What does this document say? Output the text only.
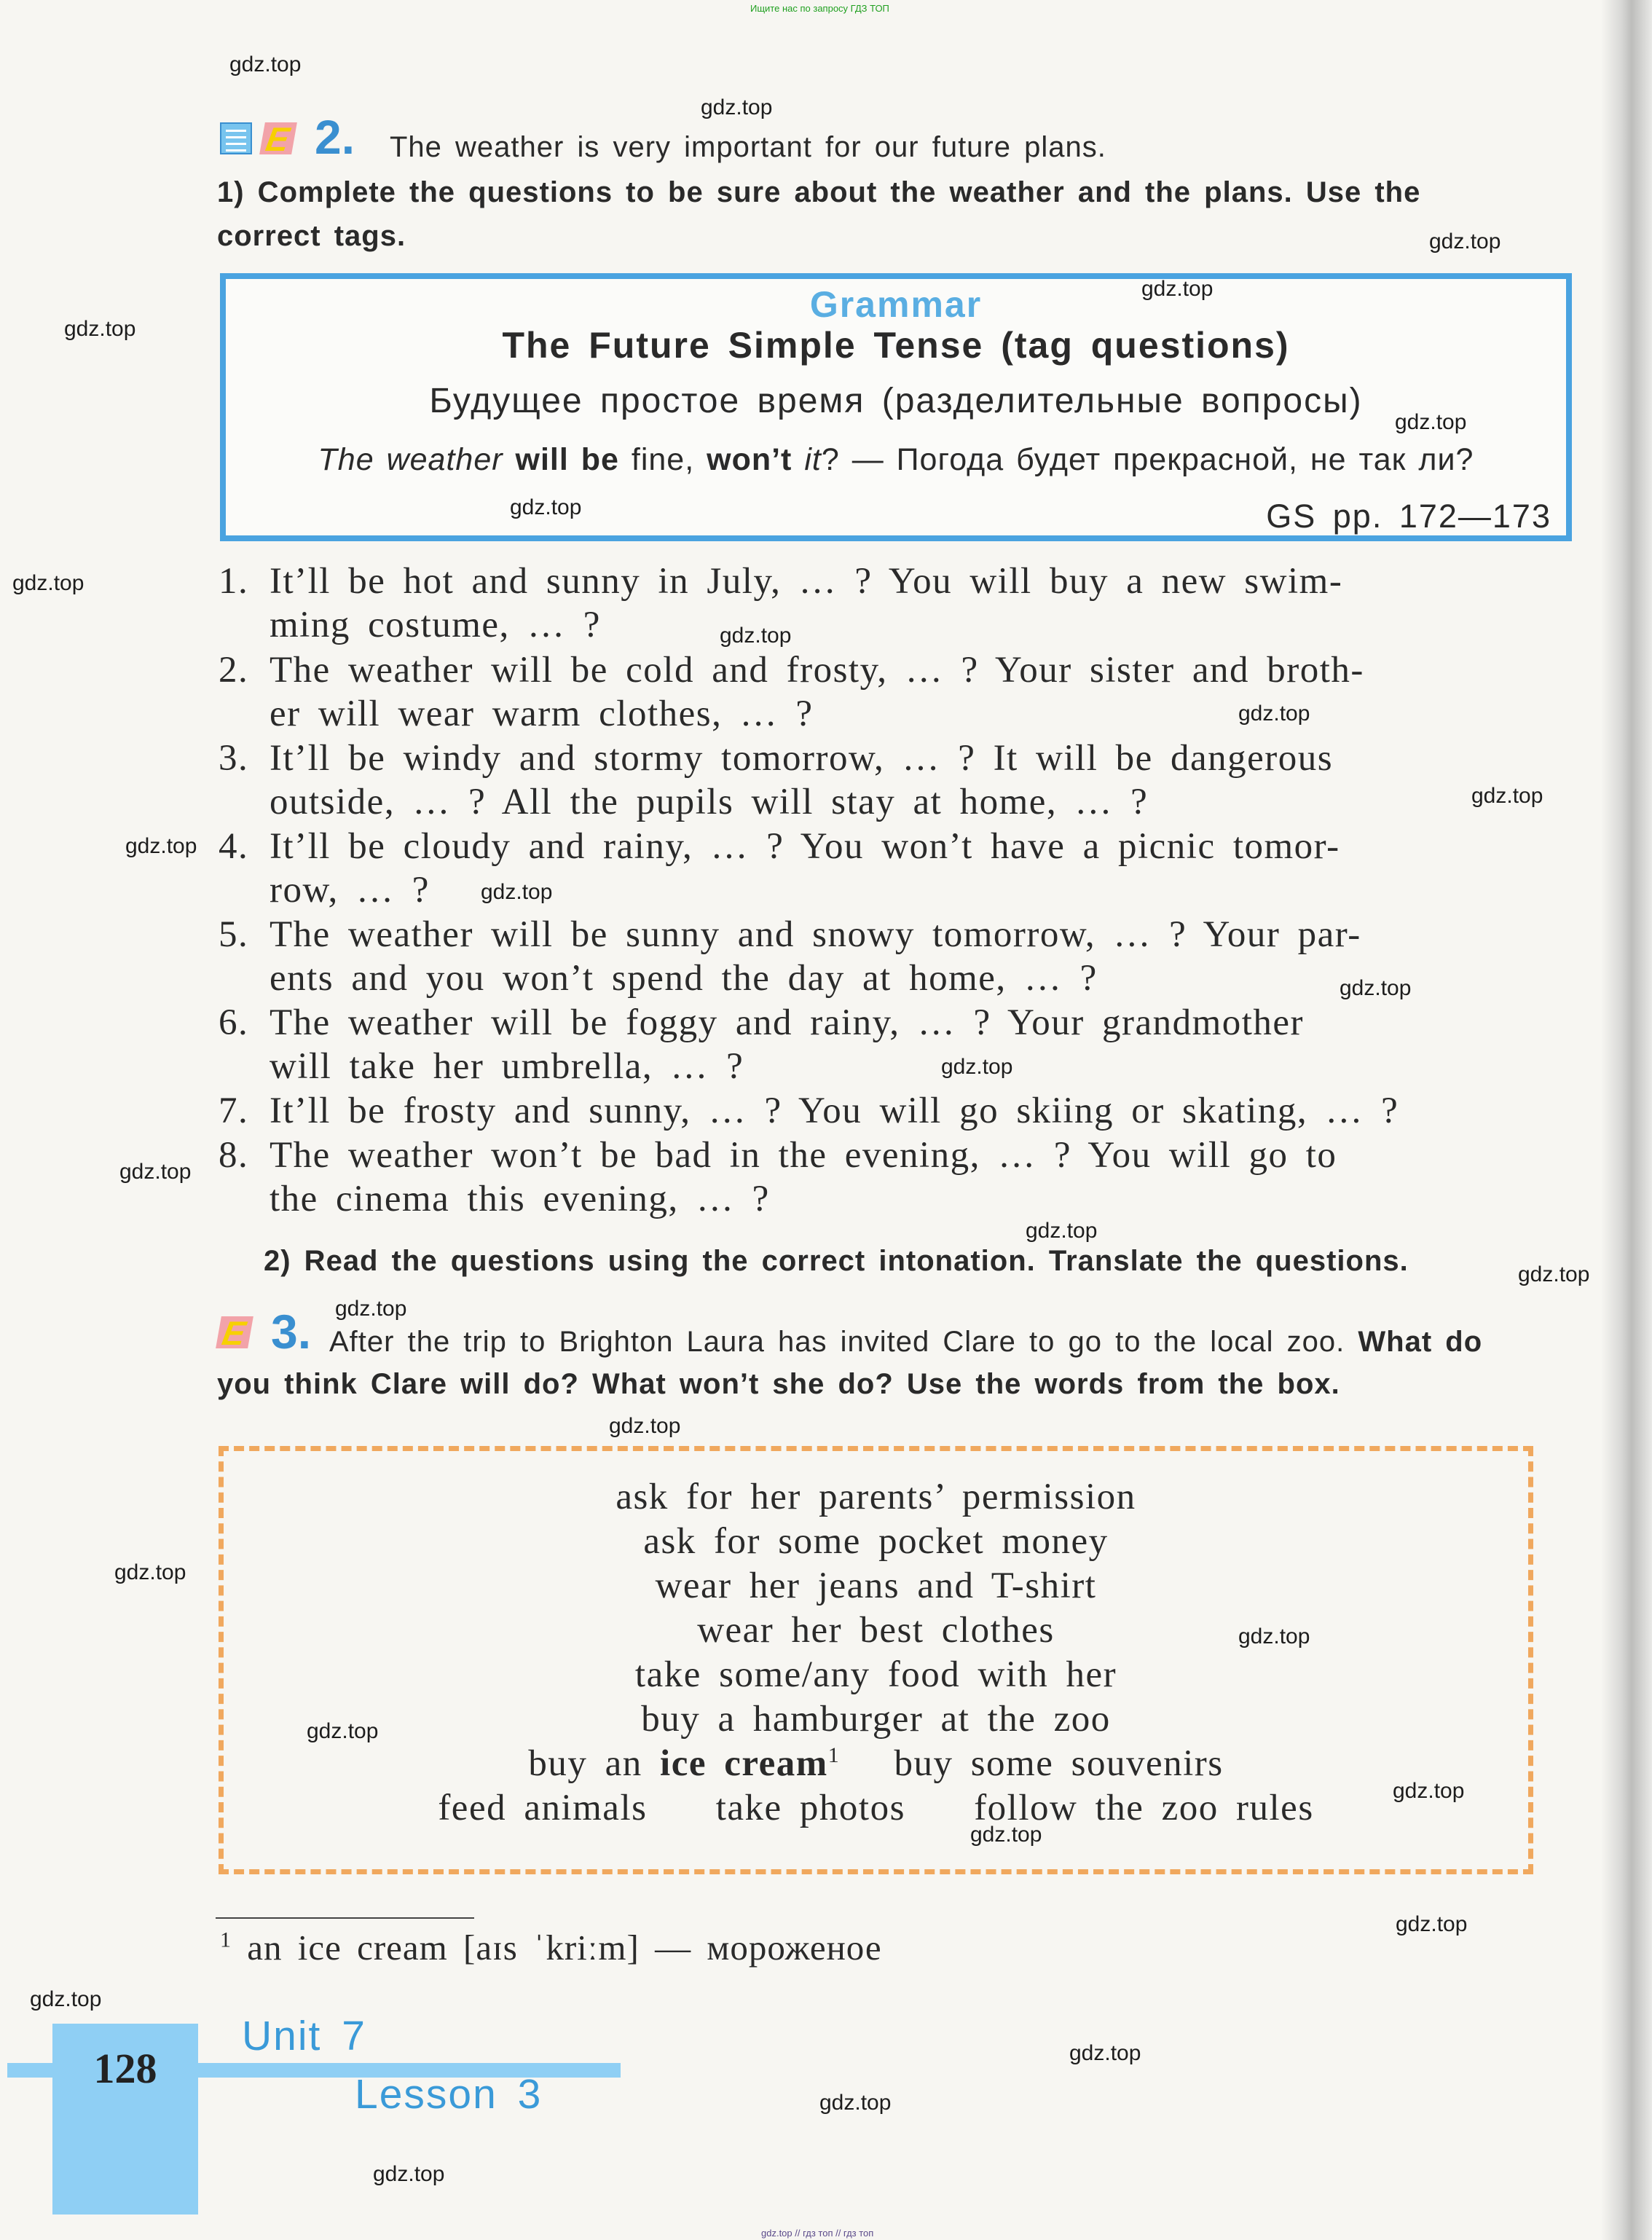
Ищите нас по запросу ГДЗ ТОП
gdz.top // гдз топ // гдз топ
E 2. The weather is very important for our future plans.
1) Complete the questions to be sure about the weather and the plans. Use the
correct tags.
Grammar
The Future Simple Tense (tag questions)
Будущее простое время (разделительные вопросы)
The weather will be fine, won’t it? — Погода будет прекрасной, не так ли?
GS pp. 172—173
1. It’ll be hot and sunny in July, … ? You will buy a new swim-
ming costume, … ?
2. The weather will be cold and frosty, … ? Your sister and broth-
er will wear warm clothes, … ?
3. It’ll be windy and stormy tomorrow, … ? It will be dangerous
outside, … ? All the pupils will stay at home, … ?
4. It’ll be cloudy and rainy, … ? You won’t have a picnic tomor-
row, … ?
5. The weather will be sunny and snowy tomorrow, … ? Your par-
ents and you won’t spend the day at home, … ?
6. The weather will be foggy and rainy, … ? Your grandmother
will take her umbrella, … ?
7. It’ll be frosty and sunny, … ? You will go skiing or skating, … ?
8. The weather won’t be bad in the evening, … ? You will go to
the cinema this evening, … ?
2) Read the questions using the correct intonation. Translate the questions.
E 3. After the trip to Brighton Laura has invited Clare to go to the local zoo. What do
you think Clare will do? What won’t she do? Use the words from the box.
ask for her parents’ permission
ask for some pocket money
wear her jeans and T-shirt
wear her best clothes
take some/any food with her
buy a hamburger at the zoo
buy an ice cream$^1$ buy some souvenirs
feed animals take photos follow the zoo rules
$^1$ an ice cream [aɪs ˈkriːm] — мороженое
128
Unit 7
Lesson 3
gdz.top
gdz.top
gdz.top
gdz.top
gdz.top
gdz.top
gdz.top
gdz.top
gdz.top
gdz.top
gdz.top
gdz.top
gdz.top
gdz.top
gdz.top
gdz.top
gdz.top
gdz.top
gdz.top
gdz.top
gdz.top
gdz.top
gdz.top
gdz.top
gdz.top
gdz.top
gdz.top
gdz.top
gdz.top
gdz.top
